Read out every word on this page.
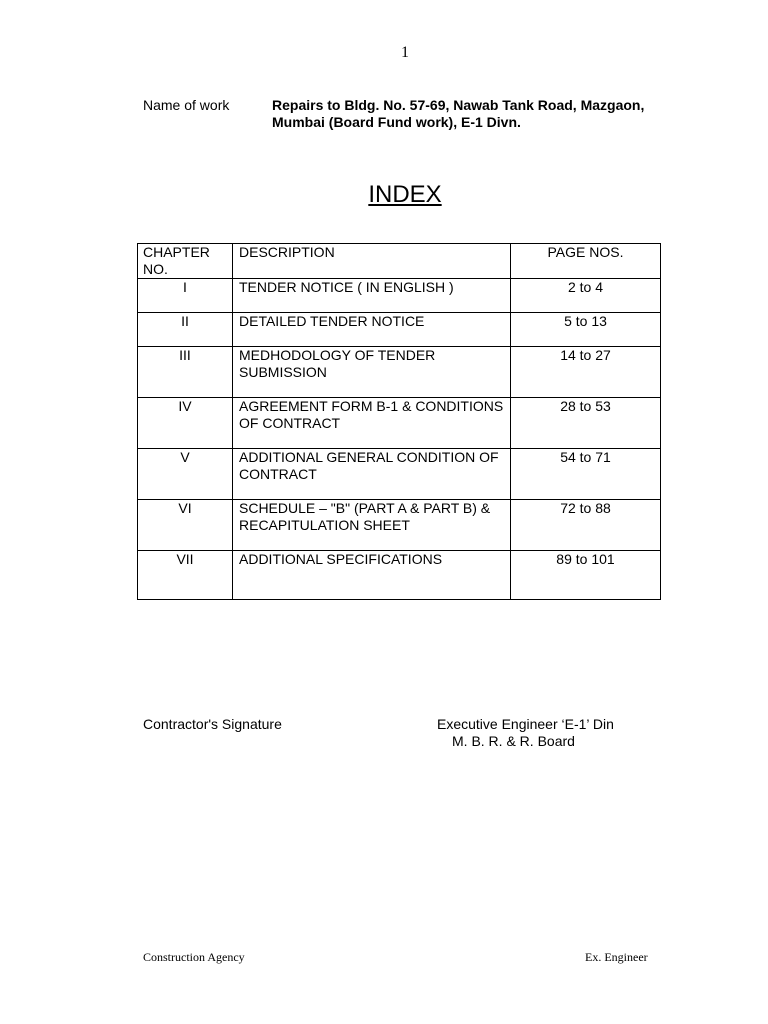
1
Name of work	Repairs to Bldg. No. 57-69, Nawab Tank Road, Mazgaon,
Mumbai (Board Fund work), E-1 Divn.
INDEX
CHAPTER
NO.	DESCRIPTION	PAGE NOS.
I	TENDER NOTICE ( IN ENGLISH )	2 to 4
II	DETAILED TENDER NOTICE	5 to 13
III	MEDHODOLOGY OF TENDER SUBMISSION	14 to 27
IV	AGREEMENT FORM B-1 & CONDITIONS OF CONTRACT	28 to 53
V	ADDITIONAL GENERAL CONDITION OF CONTRACT	54 to 71
VI	SCHEDULE – "B" (PART A & PART B) & RECAPITULATION SHEET	72 to 88
VII	ADDITIONAL SPECIFICATIONS	89 to 101
Contractor's Signature	Executive Engineer ‘E-1’ Din
M. B. R. & R. Board
Construction Agency	Ex. Engineer
